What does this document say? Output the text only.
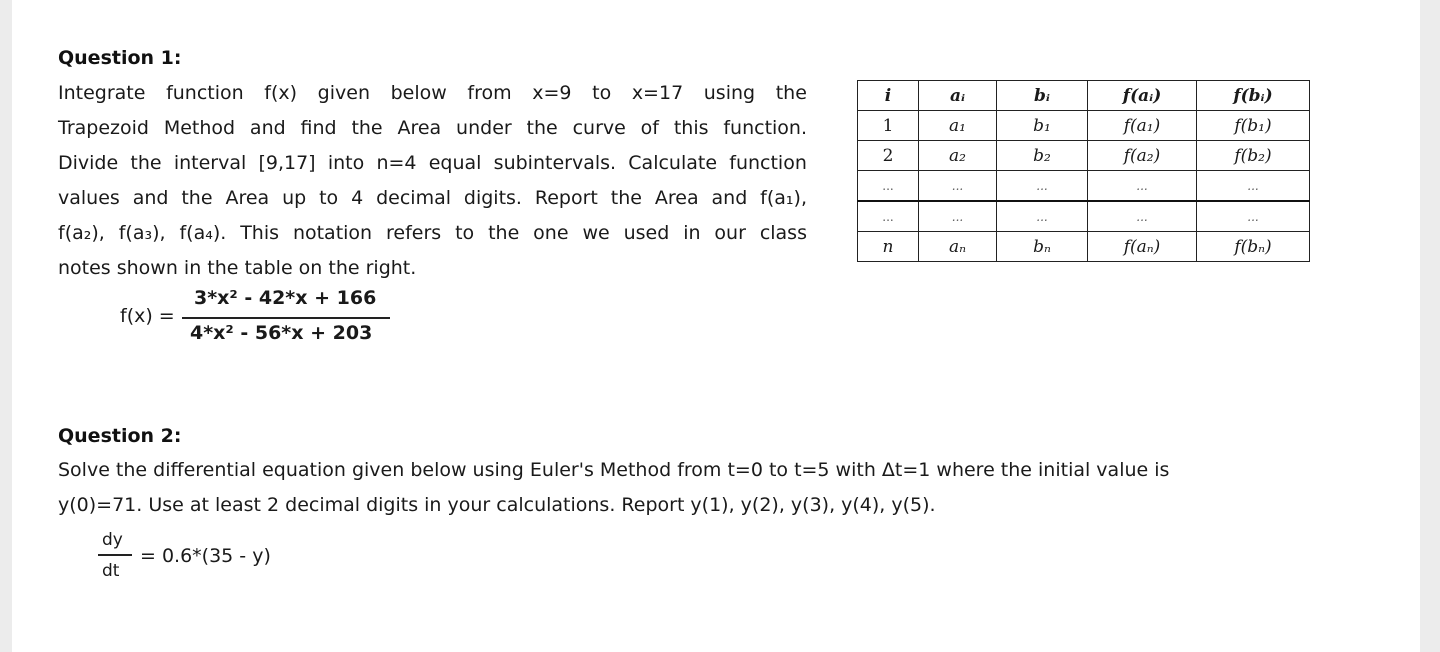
Question 1:
Integrate function f(x) given below from x=9 to x=17 using the
Trapezoid Method and find the Area under the curve of this function.
Divide the interval [9,17] into n=4 equal subintervals. Calculate function
values and the Area up to 4 decimal digits. Report the Area and f(a₁),
f(a₂), f(a₃), f(a₄). This notation refers to the one we used in our class
notes shown in the table on the right.
f(x) =
3*x² - 42*x + 166
4*x² - 56*x + 203
i	aᵢ	bᵢ	f(aᵢ)	f(bᵢ)
1	a₁	b₁	f(a₁)	f(b₁)
2	a₂	b₂	f(a₂)	f(b₂)
...	...	...	...	...
...	...	...	...	...
n	aₙ	bₙ	f(aₙ)	f(bₙ)
Question 2:
Solve the differential equation given below using Euler's Method from t=0 to t=5 with Δt=1 where the initial value is
y(0)=71. Use at least 2 decimal digits in your calculations. Report y(1), y(2), y(3), y(4), y(5).
dy
dt
= 0.6*(35 - y)
